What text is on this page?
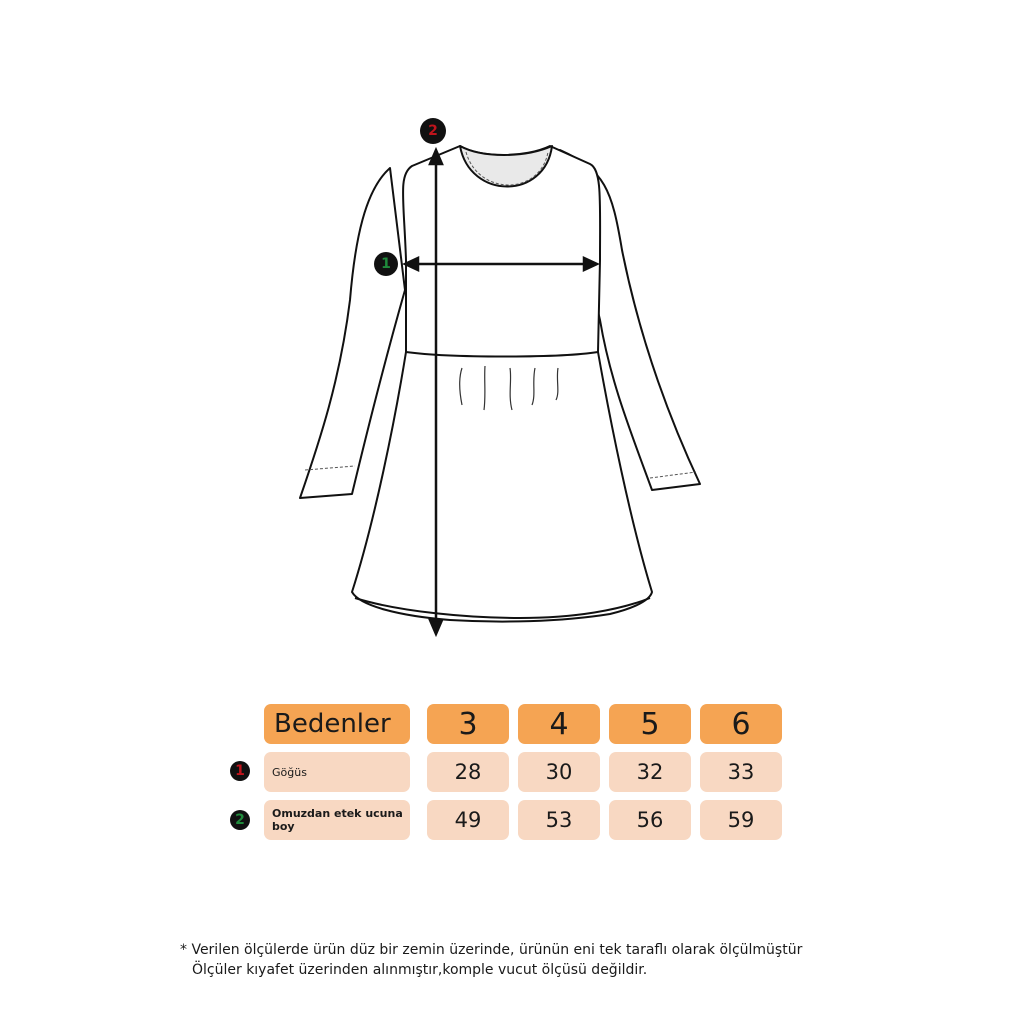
1
2
Bedenler	3	4	5	6
1	Göğüs	28	30	32	33
2	Omuzdan etek ucuna boy	49	53	56	59
* Verilen ölçülerde ürün düz bir zemin üzerinde, ürünün eni tek taraflı olarak ölçülmüştür
Ölçüler kıyafet üzerinden alınmıştır,komple vucut ölçüsü değildir.
